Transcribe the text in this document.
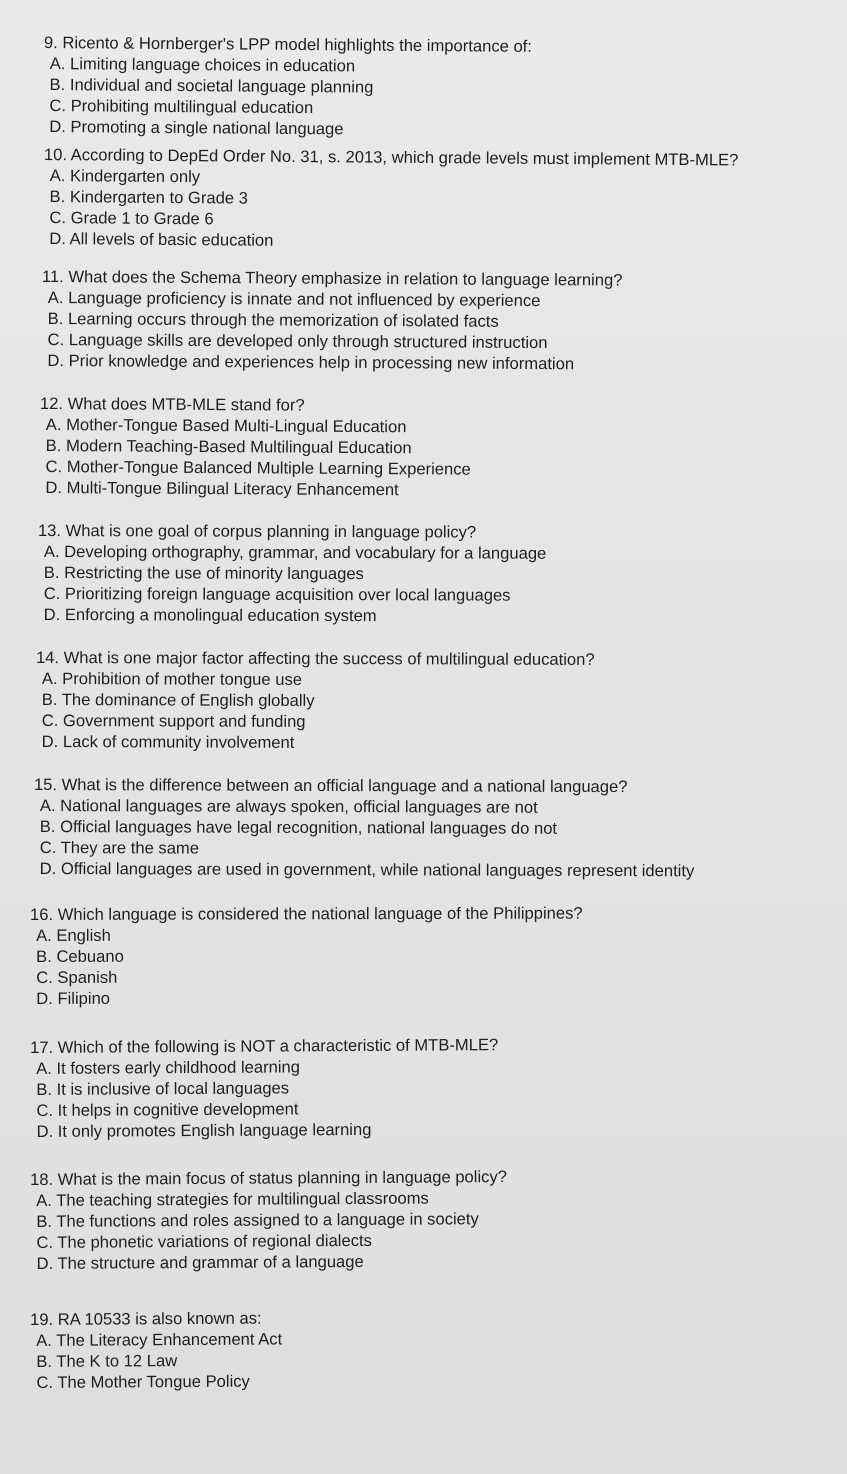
9. Ricento & Hornberger's LPP model highlights the importance of:

A. Limiting language choices in education
B. Individual and societal language planning
C. Prohibiting multilingual education
D. Promoting a single national language

10. According to DepEd Order No. 31, s. 2013, which grade levels must implement MTB-MLE?

A. Kindergarten only
B. Kindergarten to Grade 3
C. Grade 1 to Grade 6
D. All levels of basic education

11. What does the Schema Theory emphasize in relation to language learning?

A. Language proficiency is innate and not influenced by experience
B. Learning occurs through the memorization of isolated facts
C. Language skills are developed only through structured instruction
D. Prior knowledge and experiences help in processing new information

12. What does MTB-MLE stand for?

A. Mother-Tongue Based Multi-Lingual Education
B. Modern Teaching-Based Multilingual Education
C. Mother-Tongue Balanced Multiple Learning Experience
D. Multi-Tongue Bilingual Literacy Enhancement

13. What is one goal of corpus planning in language policy?

A. Developing orthography, grammar, and vocabulary for a language
B. Restricting the use of minority languages
C. Prioritizing foreign language acquisition over local languages
D. Enforcing a monolingual education system

14. What is one major factor affecting the success of multilingual education?

A. Prohibition of mother tongue use
B. The dominance of English globally
C. Government support and funding
D. Lack of community involvement

15. What is the difference between an official language and a national language?

A. National languages are always spoken, official languages are not
B. Official languages have legal recognition, national languages do not
C. They are the same
D. Official languages are used in government, while national languages represent identity

16. Which language is considered the national language of the Philippines?

A. English
B. Cebuano
C. Spanish
D. Filipino

17. Which of the following is NOT a characteristic of MTB-MLE?

A. It fosters early childhood learning
B. It is inclusive of local languages
C. It helps in cognitive development
D. It only promotes English language learning

18. What is the main focus of status planning in language policy?

A. The teaching strategies for multilingual classrooms
B. The functions and roles assigned to a language in society
C. The phonetic variations of regional dialects
D. The structure and grammar of a language

19. RA 10533 is also known as:

A. The Literacy Enhancement Act
B. The K to 12 Law
C. The Mother Tongue Policy
